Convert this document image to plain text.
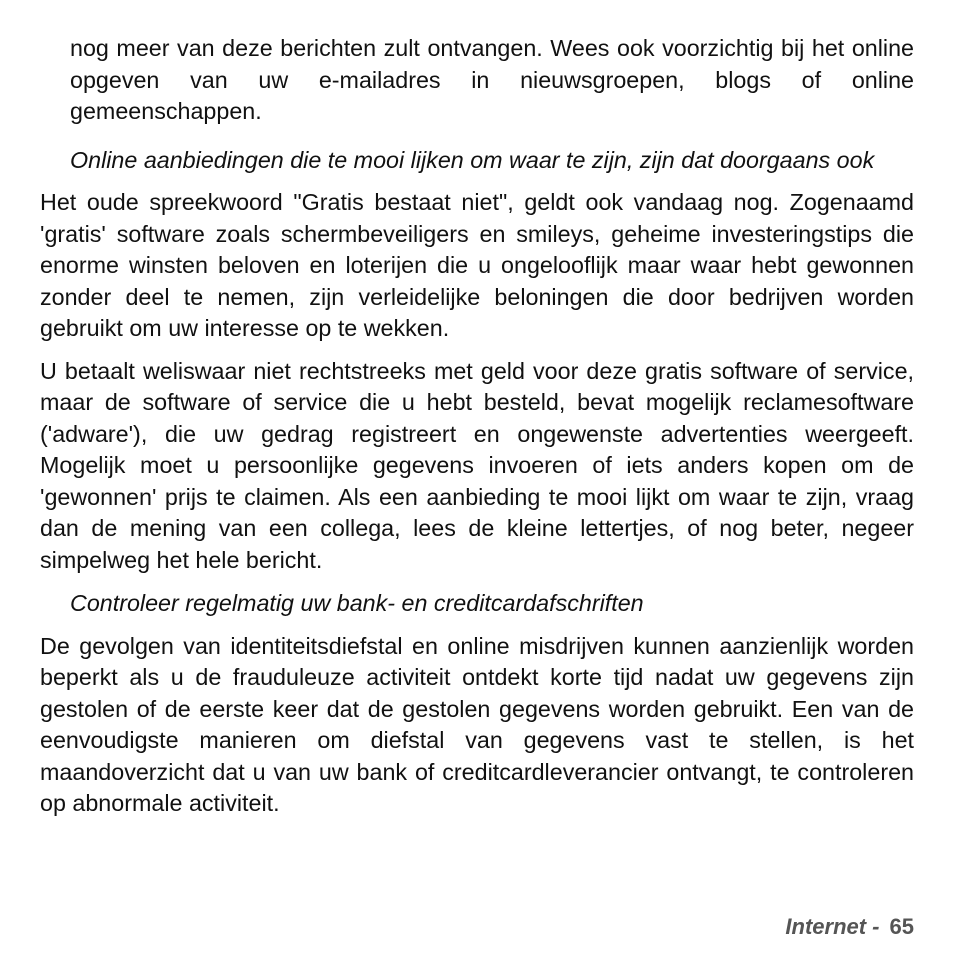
nog meer van deze berichten zult ontvangen. Wees ook voorzichtig bij het online opgeven van uw e-mailadres in nieuwsgroepen, blogs of online gemeenschappen.

Online aanbiedingen die te mooi lijken om waar te zijn, zijn dat doorgaans ook

Het oude spreekwoord "Gratis bestaat niet", geldt ook vandaag nog. Zogenaamd 'gratis' software zoals schermbeveiligers en smileys, geheime investeringstips die enorme winsten beloven en loterijen die u ongelooflijk maar waar hebt gewonnen zonder deel te nemen, zijn verleidelijke beloningen die door bedrijven worden gebruikt om uw interesse op te wekken.

U betaalt weliswaar niet rechtstreeks met geld voor deze gratis software of service, maar de software of service die u hebt besteld, bevat mogelijk reclamesoftware ('adware'), die uw gedrag registreert en ongewenste advertenties weergeeft. Mogelijk moet u persoonlijke gegevens invoeren of iets anders kopen om de 'gewonnen' prijs te claimen. Als een aanbieding te mooi lijkt om waar te zijn, vraag dan de mening van een collega, lees de kleine lettertjes, of nog beter, negeer simpelweg het hele bericht.

Controleer regelmatig uw bank- en creditcardafschriften

De gevolgen van identiteitsdiefstal en online misdrijven kunnen aanzienlijk worden beperkt als u de frauduleuze activiteit ontdekt korte tijd nadat uw gegevens zijn gestolen of de eerste keer dat de gestolen gegevens worden gebruikt. Een van de eenvoudigste manieren om diefstal van gegevens vast te stellen, is het maandoverzicht dat u van uw bank of creditcardleverancier ontvangt, te controleren op abnormale activiteit.

Internet - 65
